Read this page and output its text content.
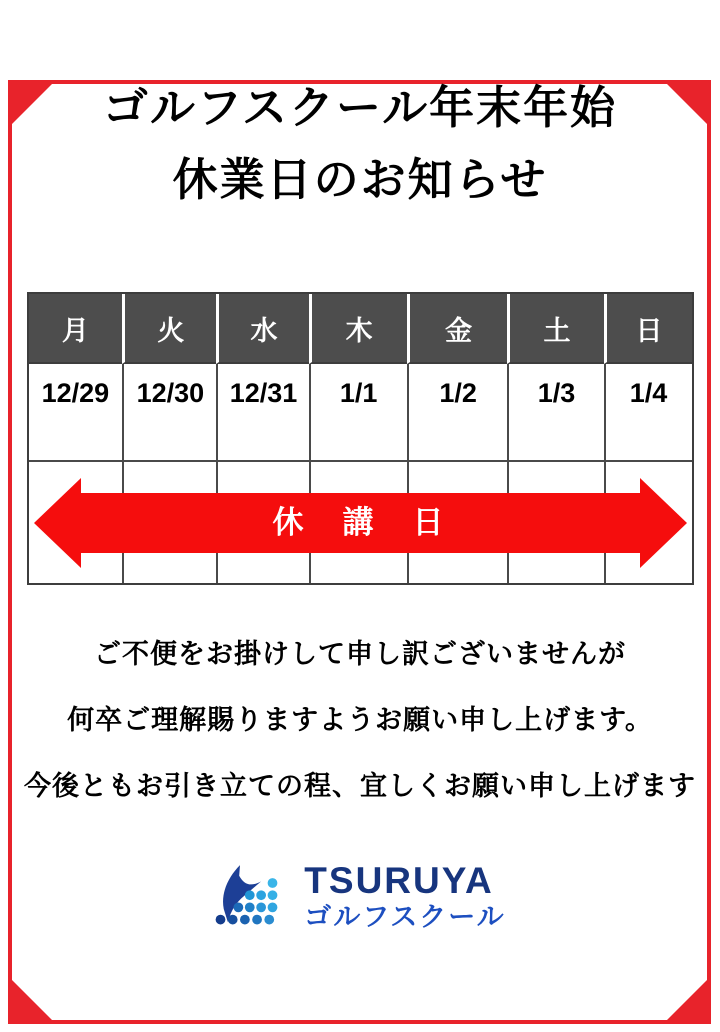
ゴルフスクール年末年始
休業日のお知らせ
月	火	水	木	金	土	日
12/29	12/30	12/31	1/1	1/2	1/3	1/4

休　講　日
ご不便をお掛けして申し訳ございませんが
何卒ご理解賜りますようお願い申し上げます。
今後ともお引き立ての程、宜しくお願い申し上げます
TSURUYA
ゴルフスクール
